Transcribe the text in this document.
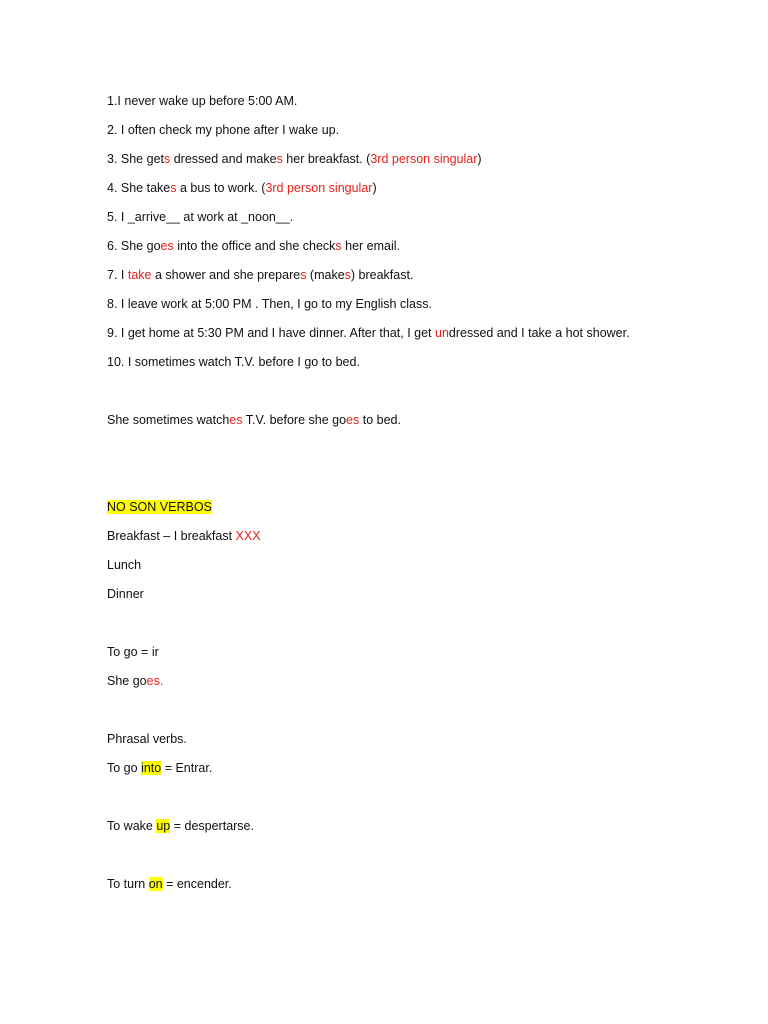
1.I never wake up before 5:00 AM.
2. I often check my phone after I wake up.
3. She gets dressed and makes her breakfast. (3rd person singular)
4. She takes a bus to work. (3rd person singular)
5. I _arrive__ at work at _noon__.
6. She goes into the office and she checks her email.
7. I take a shower and she prepares (makes) breakfast.
8. I leave work at 5:00 PM . Then, I go to my English class.
9. I get home at 5:30 PM and I have dinner. After that, I get undressed and I take a hot shower.
10. I sometimes watch T.V. before I go to bed.
She sometimes watches T.V. before she goes to bed.
NO SON VERBOS
Breakfast – I breakfast XXX
Lunch
Dinner
To go = ir
She goes.
Phrasal verbs.
To go into = Entrar.
To wake up = despertarse.
To turn on = encender.
